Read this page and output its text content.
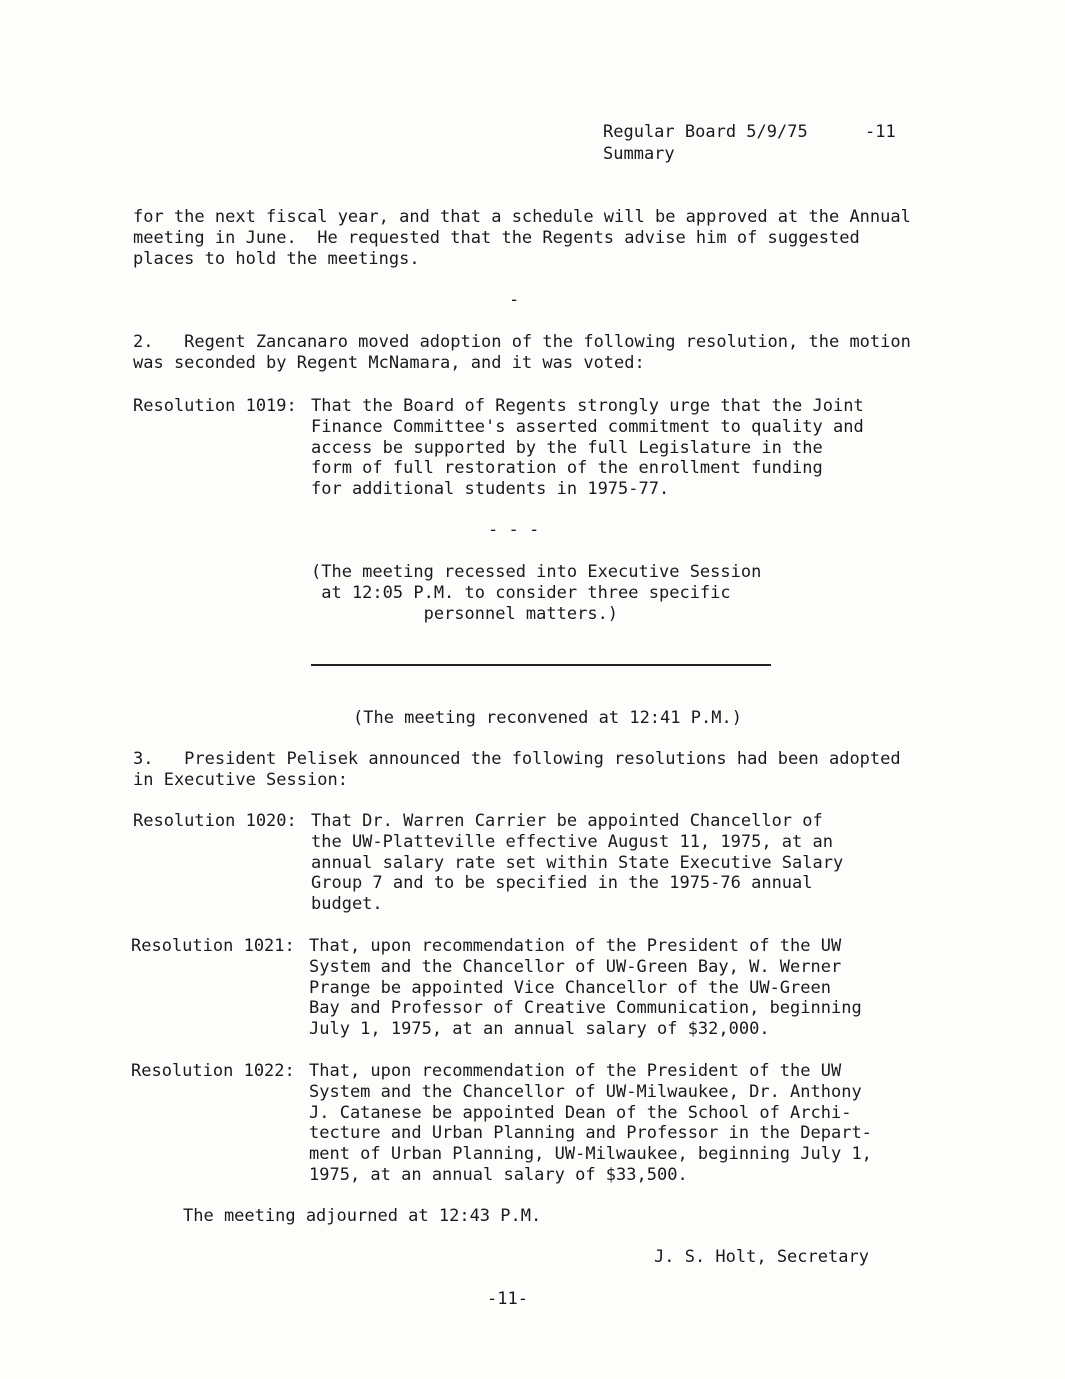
Regular Board 5/9/75	-11
Summary
for the next fiscal year, and that a schedule will be approved at the Annual
meeting in June.  He requested that the Regents advise him of suggested
places to hold the meetings.
-
2.   Regent Zancanaro moved adoption of the following resolution, the motion
was seconded by Regent McNamara, and it was voted:
Resolution 1019: That the Board of Regents strongly urge that the Joint
Finance Committee's asserted commitment to quality and
access be supported by the full Legislature in the
form of full restoration of the enrollment funding
for additional students in 1975-77.
- - -
(The meeting recessed into Executive Session
at 12:05 P.M. to consider three specific
personnel matters.)
(The meeting reconvened at 12:41 P.M.)
3.   President Pelisek announced the following resolutions had been adopted
in Executive Session:
Resolution 1020: That Dr. Warren Carrier be appointed Chancellor of
the UW-Platteville effective August 11, 1975, at an
annual salary rate set within State Executive Salary
Group 7 and to be specified in the 1975-76 annual
budget.
Resolution 1021: That, upon recommendation of the President of the UW
System and the Chancellor of UW-Green Bay, W. Werner
Prange be appointed Vice Chancellor of the UW-Green
Bay and Professor of Creative Communication, beginning
July 1, 1975, at an annual salary of $32,000.
Resolution 1022: That, upon recommendation of the President of the UW
System and the Chancellor of UW-Milwaukee, Dr. Anthony
J. Catanese be appointed Dean of the School of Archi-
tecture and Urban Planning and Professor in the Depart-
ment of Urban Planning, UW-Milwaukee, beginning July 1,
1975, at an annual salary of $33,500.
The meeting adjourned at 12:43 P.M.
J. S. Holt, Secretary
-11-
